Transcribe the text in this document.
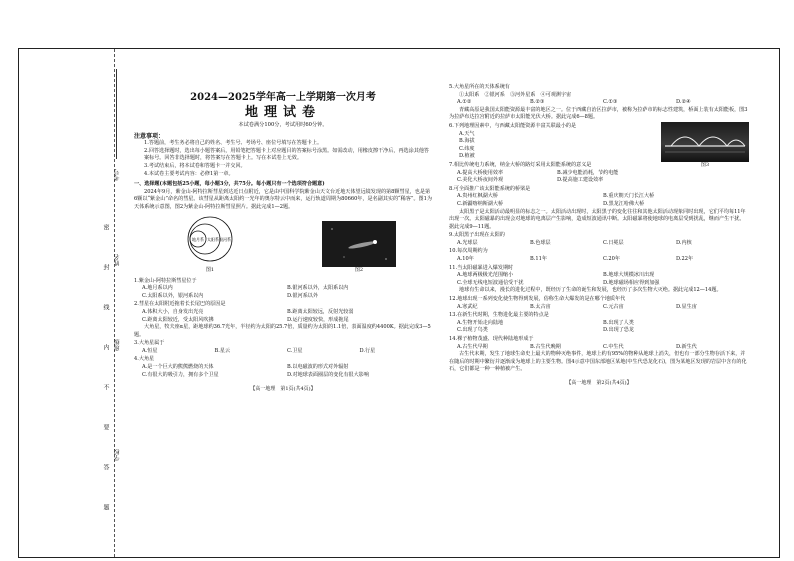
考号
姓名
班级
学校
密　封　线　内　不　要　答　题
2024—2025学年高一上学期第一次月考
地理试卷
本试卷满分100分，考试用时60分钟。
注意事项：
1.答题前，考生务必将自己的姓名、考生号、考场号、座位号填写在答题卡上。
2.回答选择题时，选出每小题答案后，用铅笔把答题卡上对应题目的答案标号涂黑。如需改动，用橡皮擦干净后，再选涂其他答案标号。回答非选择题时，将答案写在答题卡上。写在本试卷上无效。
3.考试结束后，将本试卷和答题卡一并交回。
4.本试卷主要考试内容：必修1第一章。
一、选择题(本题包括25小题，每小题3分，共75分。每小题只有一个选项符合题意)
2024年9月，紫金山-阿特拉斯彗星到达近日点附近，它是由中国科学院紫金山天文台近地天体望远镜发现的第8颗彗星，也是第6颗以“紫金山”命名的彗星。该彗星从距离太阳约一光年的奥尔特云中而来，运行轨道周期为80660年，是名副其实的“稀客”。图1为天体系统示意图，图2为紫金山-阿特拉斯彗星照片。据此完成1—2题。
地月系 太阳系 银河系
图1	图2
1.紫金山-阿特拉斯彗星位于
A.地月系以内	B.银河系以外，太阳系以内
C.太阳系以外，银河系以内	D.银河系以外
2.彗星在太阳附近拖着长长尾巴的原因是
A.体积大小，自身发出光亮	B.距离太阳较远，反射光较弱
C.距离太阳较近，受太阳风吹拂	D.运行速度较快，形成拖尾
大角星，牧夫座α星，距地球约36.7光年，半径约为太阳的25.7倍，质量约为太阳的1.1倍，表面温度约4400K。据此完成3—5题。
3.大角星属于
A.恒星	B.星云	C.卫星	D.行星
4.大角星
A.是一个巨大的熊熊燃烧的天体	B.以电磁波的形式对外辐射
C.有很大的吸引力，拥有多个卫星	D.对地球表面圈层的变化有很大影响
【高一地理　第1页(共4页)】
5.大角星所在的天体系统有
①太阳系　②银河系　③河外星系　④可观测宇宙
A.①②	B.②③	C.①③	D.②④
青藏高原是我国太阳能资源最丰富的地区之一。位于西藏自治区拉萨市，被称为拉萨市的标志性建筑，桥面上装有太阳能板，图3为拉萨布达拉宫附近的拉萨市太阳能光伏大桥。据此完成6—8题。
图3
6.下列地理因素中，与西藏太阳能资源丰富关联最小的是
A.天气
B.海拔
C.纬度
D.植被
7.相比传统电力系统，纳金大桥的路灯采用太阳能系统的意义是
A.提高大桥使用效率	B.减少电能消耗，节约电能
C.美化大桥夜间外观	D.提高施工建设效率
8.可全面推广该太阳能系统的桥梁是
A.贵州红枫湖大桥	B.重庆朝天门长江大桥
C.新疆喀纳斯湖大桥	D.黑龙江哈佛大桥
太阳黑子是太阳活动最明显的标志之一。太阳活动出现时，太阳黑子的变化往往和其他太阳活动现象同时出现，它们平均每11年出现一次。太阳磁暴的出现会对地球的电离层产生影响，造成短波通讯中断。太阳磁暴将使地球的电离层受到扰乱，继而产生干扰。据此完成9—11题。
9.太阳黑子出现在太阳的
A.光球层	B.色球层	C.日冕层	D.内核
10.每次周期约为
A.10年	B.11年	C.20年	D.22年
11.当太阳磁暴进入爆发期时
A.地球两极极光范围缩小	B.地球大规模冰川出现
C.全球无线电短波通信受干扰	D.地球磁场相应得到加强
地球有生命以来，漫长的进化过程中，既经历了生命的诞生和发展，也经历了多次生物大灭绝。据此完成12—14题。
12.地球出现一系列变化使生物得到发展，俗称生命大爆发的是在哪个地质年代
A.寒武纪	B.太古宙	C.元古宙	D.显生宙
13.在新生代时期，生物进化最主要的特点是
A.生物开始走向陆地	B.出现了人类
C.出现了鸟类	D.出现了恐龙
14.裸子植物茂盛、现代种陆地形成于
A.古生代早期	B.古生代晚期	C.中生代	D.新生代
古生代末期，发生了地球生命史上最大的物种灭绝事件，地球上约有95%的物种从地球上消失，但也有一部分生物存活下来，并在随后的时期中繁衍并逐渐成为地球上的主要生物。图4示意中国东部地区某地(中生代恐龙化石)，图为某地区发现的岩层中含有的化石，它们都是一种一种植被产生。
【高一地理　第2页(共4页)】
